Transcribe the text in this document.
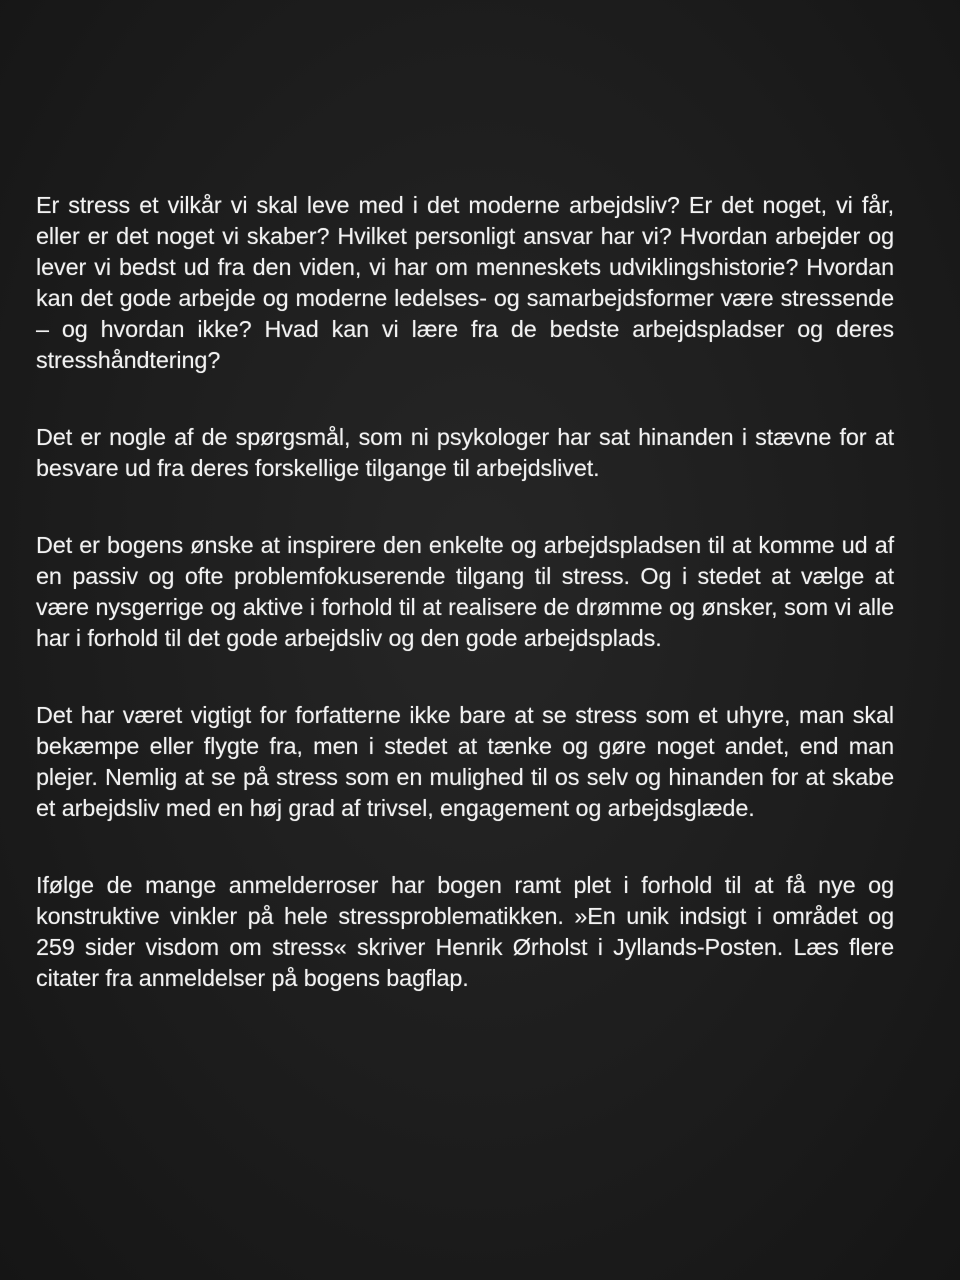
Er stress et vilkår vi skal leve med i det moderne arbejdsliv? Er det noget, vi får, eller er det noget vi skaber? Hvilket personligt ansvar har vi? Hvordan arbejder og lever vi bedst ud fra den viden, vi har om menneskets udviklingshistorie? Hvordan kan det gode arbejde og moderne ledelses- og samarbejdsformer være stressende – og hvordan ikke? Hvad kan vi lære fra de bedste arbejdspladser og deres stresshåndtering?

Det er nogle af de spørgsmål, som ni psykologer har sat hinanden i stævne for at besvare ud fra deres forskellige tilgange til arbejdslivet.

Det er bogens ønske at inspirere den enkelte og arbejdspladsen til at komme ud af en passiv og ofte problemfokuserende tilgang til stress. Og i stedet at vælge at være nysgerrige og aktive i forhold til at realisere de drømme og ønsker, som vi alle har i forhold til det gode arbejdsliv og den gode arbejdsplads.

Det har været vigtigt for forfatterne ikke bare at se stress som et uhyre, man skal bekæmpe eller flygte fra, men i stedet at tænke og gøre noget andet, end man plejer. Nemlig at se på stress som en mulighed til os selv og hinanden for at skabe et arbejdsliv med en høj grad af trivsel, engagement og arbejdsglæde.

Ifølge de mange anmelderroser har bogen ramt plet i forhold til at få nye og konstruktive vinkler på hele stressproblematikken. »En unik indsigt i området og 259 sider visdom om stress« skriver Henrik Ørholst i Jyllands-Posten. Læs flere citater fra anmeldelser på bogens bagflap.
